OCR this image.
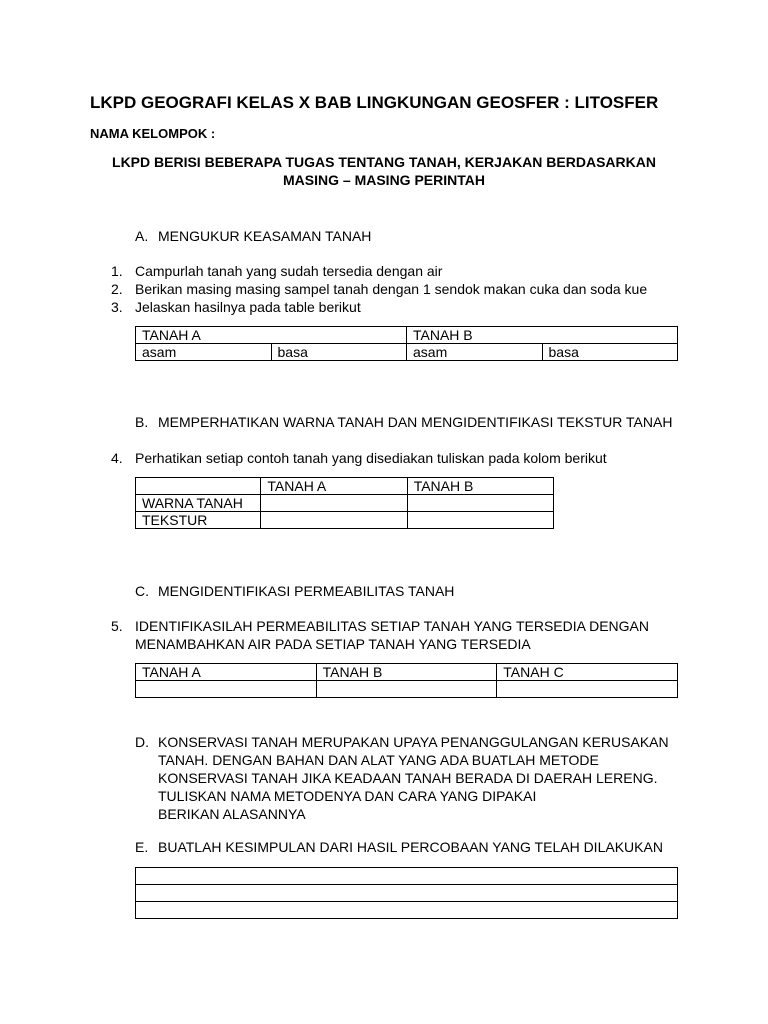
LKPD GEOGRAFI KELAS X BAB LINGKUNGAN GEOSFER : LITOSFER
NAMA KELOMPOK :
LKPD BERISI BEBERAPA TUGAS TENTANG TANAH, KERJAKAN BERDASARKAN
MASING – MASING PERINTAH
A. MENGUKUR KEASAMAN TANAH
1. Campurlah tanah yang sudah tersedia dengan air
2. Berikan masing masing sampel tanah dengan 1 sendok makan cuka dan soda kue
3. Jelaskan hasilnya pada table berikut
TANAH A		TANAH B	
asam	basa	asam	basa
B. MEMPERHATIKAN WARNA TANAH DAN MENGIDENTIFIKASI TEKSTUR TANAH
4. Perhatikan setiap contoh tanah yang disediakan tuliskan pada kolom berikut
	TANAH A	TANAH B
WARNA TANAH		
TEKSTUR		
C. MENGIDENTIFIKASI PERMEABILITAS TANAH
5. IDENTIFIKASILAH PERMEABILITAS SETIAP TANAH YANG TERSEDIA DENGAN
MENAMBAHKAN AIR PADA SETIAP TANAH YANG TERSEDIA
TANAH A	TANAH B	TANAH C

D. KONSERVASI TANAH MERUPAKAN UPAYA PENANGGULANGAN KERUSAKAN
TANAH. DENGAN BAHAN DAN ALAT YANG ADA BUATLAH METODE
KONSERVASI TANAH JIKA KEADAAN TANAH BERADA DI DAERAH LERENG.
TULISKAN NAMA METODENYA DAN CARA YANG DIPAKAI
BERIKAN ALASANNYA
E. BUATLAH KESIMPULAN DARI HASIL PERCOBAAN YANG TELAH DILAKUKAN
